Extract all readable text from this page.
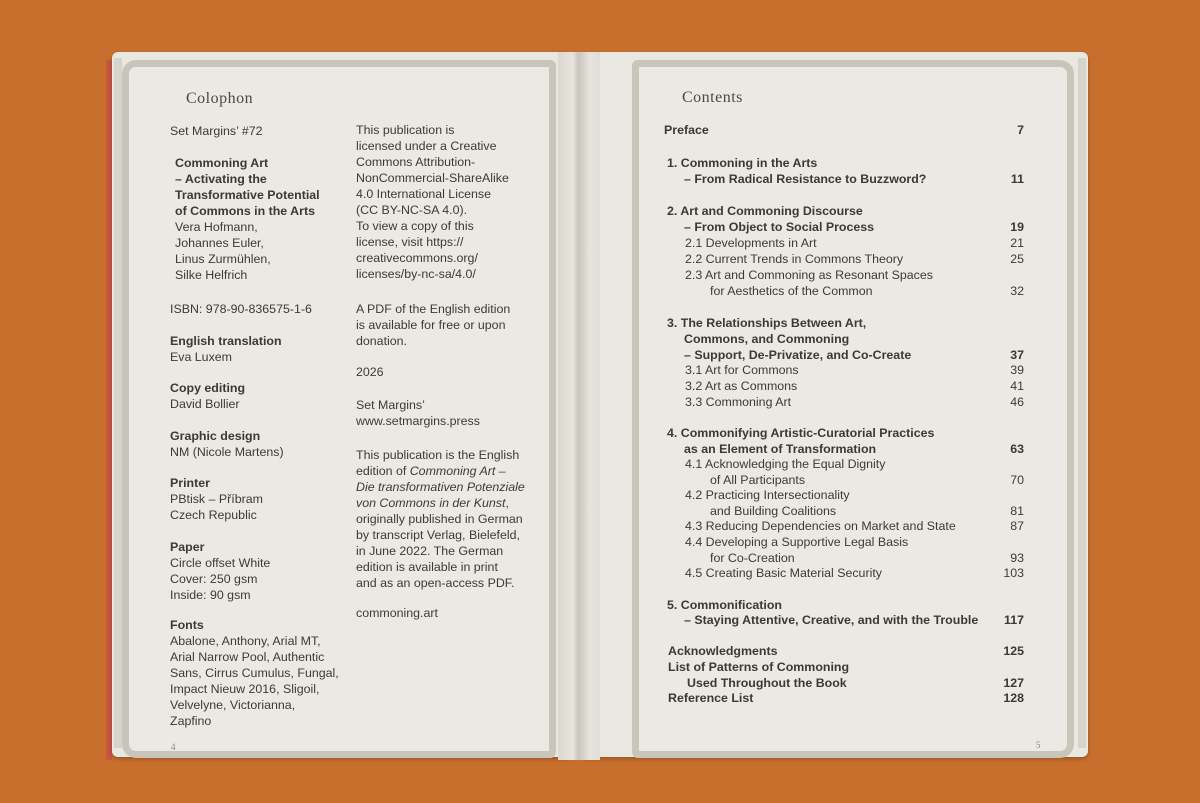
Colophon
Set Margins’ #72
Commoning Art
– Activating the
Transformative Potential
of Commons in the Arts
Vera Hofmann,
Johannes Euler,
Linus Zurmühlen,
Silke Helfrich
ISBN: 978-90-836575-1-6
English translation
Eva Luxem
Copy editing
David Bollier
Graphic design
NM (Nicole Martens)
Printer
PBtisk – Příbram
Czech Republic
Paper
Circle offset White
Cover: 250 gsm
Inside: 90 gsm
Fonts
Abalone, Anthony, Arial MT,
Arial Narrow Pool, Authentic
Sans, Cirrus Cumulus, Fungal,
Impact Nieuw 2016, Sligoil,
Velvelyne, Victorianna,
Zapfino
This publication is
licensed under a Creative
Commons Attribution-
NonCommercial-ShareAlike
4.0 International License
(CC BY-NC-SA 4.0).
To view a copy of this
license, visit https://
creativecommons.org/
licenses/by-nc-sa/4.0/
A PDF of the English edition
is available for free or upon
donation.
2026
Set Margins’
www.setmargins.press
This publication is the English
edition of Commoning Art –
Die transformativen Potenziale
von Commons in der Kunst,
originally published in German
by transcript Verlag, Bielefeld,
in June 2022. The German
edition is available in print
and as an open-access PDF.
commoning.art
4
Contents
5
Preface	7
1. Commoning in the Arts
– From Radical Resistance to Buzzword?	11
2. Art and Commoning Discourse
– From Object to Social Process	19
2.1 Developments in Art	21
2.2 Current Trends in Commons Theory	25
2.3 Art and Commoning as Resonant Spaces
for Aesthetics of the Common	32
3. The Relationships Between Art,
Commons, and Commoning
– Support, De-Privatize, and Co-Create	37
3.1 Art for Commons	39
3.2 Art as Commons	41
3.3 Commoning Art	46
4. Commonifying Artistic-Curatorial Practices
as an Element of Transformation	63
4.1 Acknowledging the Equal Dignity
of All Participants	70
4.2 Practicing Intersectionality
and Building Coalitions	81
4.3 Reducing Dependencies on Market and State	87
4.4 Developing a Supportive Legal Basis
for Co-Creation	93
4.5 Creating Basic Material Security	103
5. Commonification
– Staying Attentive, Creative, and with the Trouble 117
Acknowledgments	125
List of Patterns of Commoning
Used Throughout the Book	127
Reference List	128
